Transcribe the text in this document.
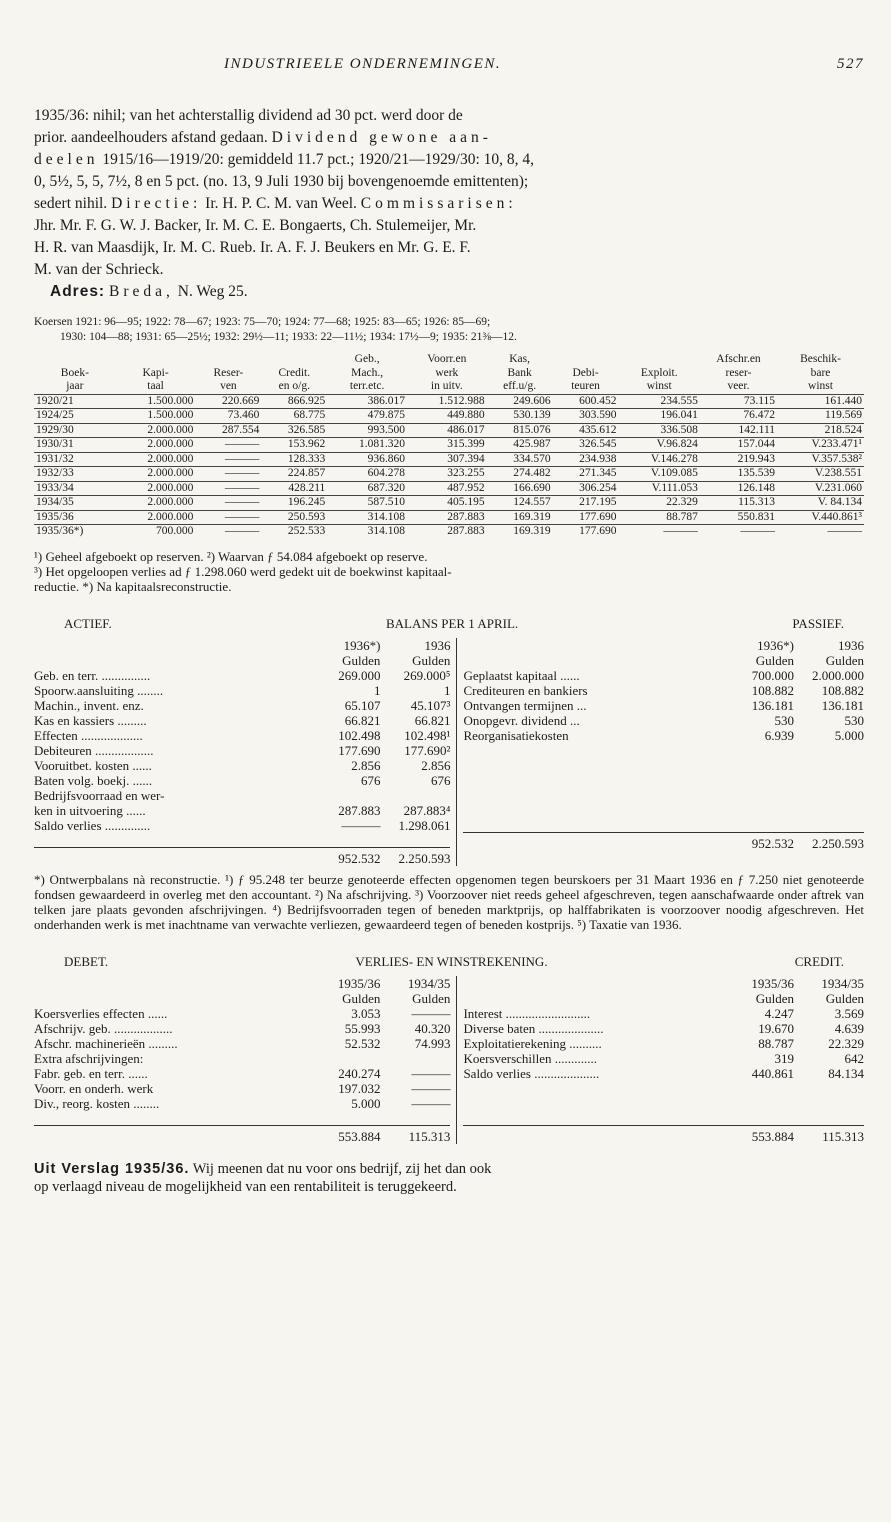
INDUSTRIEELE ONDERNEMINGEN.	527
1935/36: nihil; van het achterstallig dividend ad 30 pct. werd door de
prior. aandeelhouders afstand gedaan. Dividend gewone aan-
deelen 1915/16—1919/20: gemiddeld 11.7 pct.; 1920/21—1929/30: 10, 8, 4,
0, 5½, 5, 5, 7½, 8 en 5 pct. (no. 13, 9 Juli 1930 bij bovengenoemde emittenten);
sedert nihil. Directie: Ir. H. P. C. M. van Weel. Commissarisen:
Jhr. Mr. F. G. W. J. Backer, Ir. M. C. E. Bongaerts, Ch. Stulemeijer, Mr.
H. R. van Maasdijk, Ir. M. C. Rueb. Ir. A. F. J. Beukers en Mr. G. E. F.
M. van der Schrieck.
Adres: Breda, N. Weg 25.
Koersen 1921: 96—95; 1922: 78—67; 1923: 75—70; 1924: 77—68; 1925: 83—65; 1926: 85—69;
1930: 104—88; 1931: 65—25½; 1932: 29½—11; 1933: 22—11½; 1934: 17½—9; 1935: 21⅜—12.
				Geb.,	Voorr.en	Kas,			Afschr.en	Beschik-
Boek-	Kapi-	Reser-	Credit.	Mach.,	werk	Bank	Debi-	Exploit.	reser-	bare
jaar	taal	ven	en o/g.	terr.etc.	in uitv.	eff.u/g.	teuren	winst	veer.	winst
1920/21	1.500.000	220.669	866.925	386.017	1.512.988	249.606	600.452	234.555	73.115	161.440
1924/25	1.500.000	73.460	68.775	479.875	449.880	530.139	303.590	196.041	76.472	119.569
1929/30	2.000.000	287.554	326.585	993.500	486.017	815.076	435.612	336.508	142.111	218.524
1930/31	2.000.000	———	153.962	1.081.320	315.399	425.987	326.545	V.96.824	157.044	V.233.471¹
1931/32	2.000.000	———	128.333	936.860	307.394	334.570	234.938	V.146.278	219.943	V.357.538²
1932/33	2.000.000	———	224.857	604.278	323.255	274.482	271.345	V.109.085	135.539	V.238.551
1933/34	2.000.000	———	428.211	687.320	487.952	166.690	306.254	V.111.053	126.148	V.231.060
1934/35	2.000.000	———	196.245	587.510	405.195	124.557	217.195	22.329	115.313	V. 84.134
1935/36	2.000.000	———	250.593	314.108	287.883	169.319	177.690	88.787	550.831	V.440.861³
1935/36*)	700.000	———	252.533	314.108	287.883	169.319	177.690	———	———	———
¹) Geheel afgeboekt op reserven. ²) Waarvan ƒ 54.084 afgeboekt op reserve.
³) Het opgeloopen verlies ad ƒ 1.298.060 werd gedekt uit de boekwinst kapitaal-
reductie. *) Na kapitaalsreconstructie.
ACTIEF.	BALANS PER 1 APRIL.	PASSIEF.
1936*)	1936
Gulden	Gulden
Geb. en terr. ...............	269.000	269.000⁵
Spoorw.aansluiting ........	1	1
Machin., invent. enz.	65.107	45.107³
Kas en kassiers .........	66.821	66.821
Effecten ...................	102.498	102.498¹
Debiteuren ..................	177.690	177.690²
Vooruitbet. kosten ......	2.856	2.856
Baten volg. boekj. ......	676	676
Bedrijfsvoorraad en wer-
ken in uitvoering ......	287.883	287.883⁴
Saldo verlies ..............	———	1.298.061
952.532	2.250.593
1936*)	1936
Gulden	Gulden
Geplaatst kapitaal ......	700.000	2.000.000
Crediteuren en bankiers	108.882	108.882
Ontvangen termijnen ...	136.181	136.181
Onopgevr. dividend ...	530	530
Reorganisatiekosten	6.939	5.000
952.532	2.250.593
*) Ontwerpbalans nà reconstructie. ¹) ƒ 95.248 ter beurze genoteerde effecten opgenomen tegen beurskoers per 31 Maart 1936 en ƒ 7.250 niet genoteerde fondsen gewaardeerd in overleg met den accountant. ²) Na afschrijving. ³) Voorzoover niet reeds geheel afgeschreven, tegen aanschafwaarde onder aftrek van telken jare plaats gevonden afschrijvingen. ⁴) Bedrijfsvoorraden tegen of beneden marktprijs, op halffabrikaten is voorzoover noodig afgeschreven. Het onderhanden werk is met inachtname van verwachte verliezen, gewaardeerd tegen of beneden kostprijs. ⁵) Taxatie van 1936.
DEBET.	VERLIES- EN WINSTREKENING.	CREDIT.
1935/36	1934/35
Gulden	Gulden
Koersverlies effecten ......	3.053	———
Afschrijv. geb. ..................	55.993	40.320
Afschr. machinerieën .........	52.532	74.993
Extra afschrijvingen:
Fabr. geb. en terr. ......	240.274	———
Voorr. en onderh. werk	197.032	———
Div., reorg. kosten ........	5.000	———
553.884	115.313
1935/36	1934/35
Gulden	Gulden
Interest ..........................	4.247	3.569
Diverse baten ....................	19.670	4.639
Exploitatierekening ..........	88.787	22.329
Koersverschillen .............	319	642
Saldo verlies ....................	440.861	84.134
553.884	115.313
Uit Verslag 1935/36. Wij meenen dat nu voor ons bedrijf, zij het dan ook
op verlaagd niveau de mogelijkheid van een rentabiliteit is teruggekeerd.
